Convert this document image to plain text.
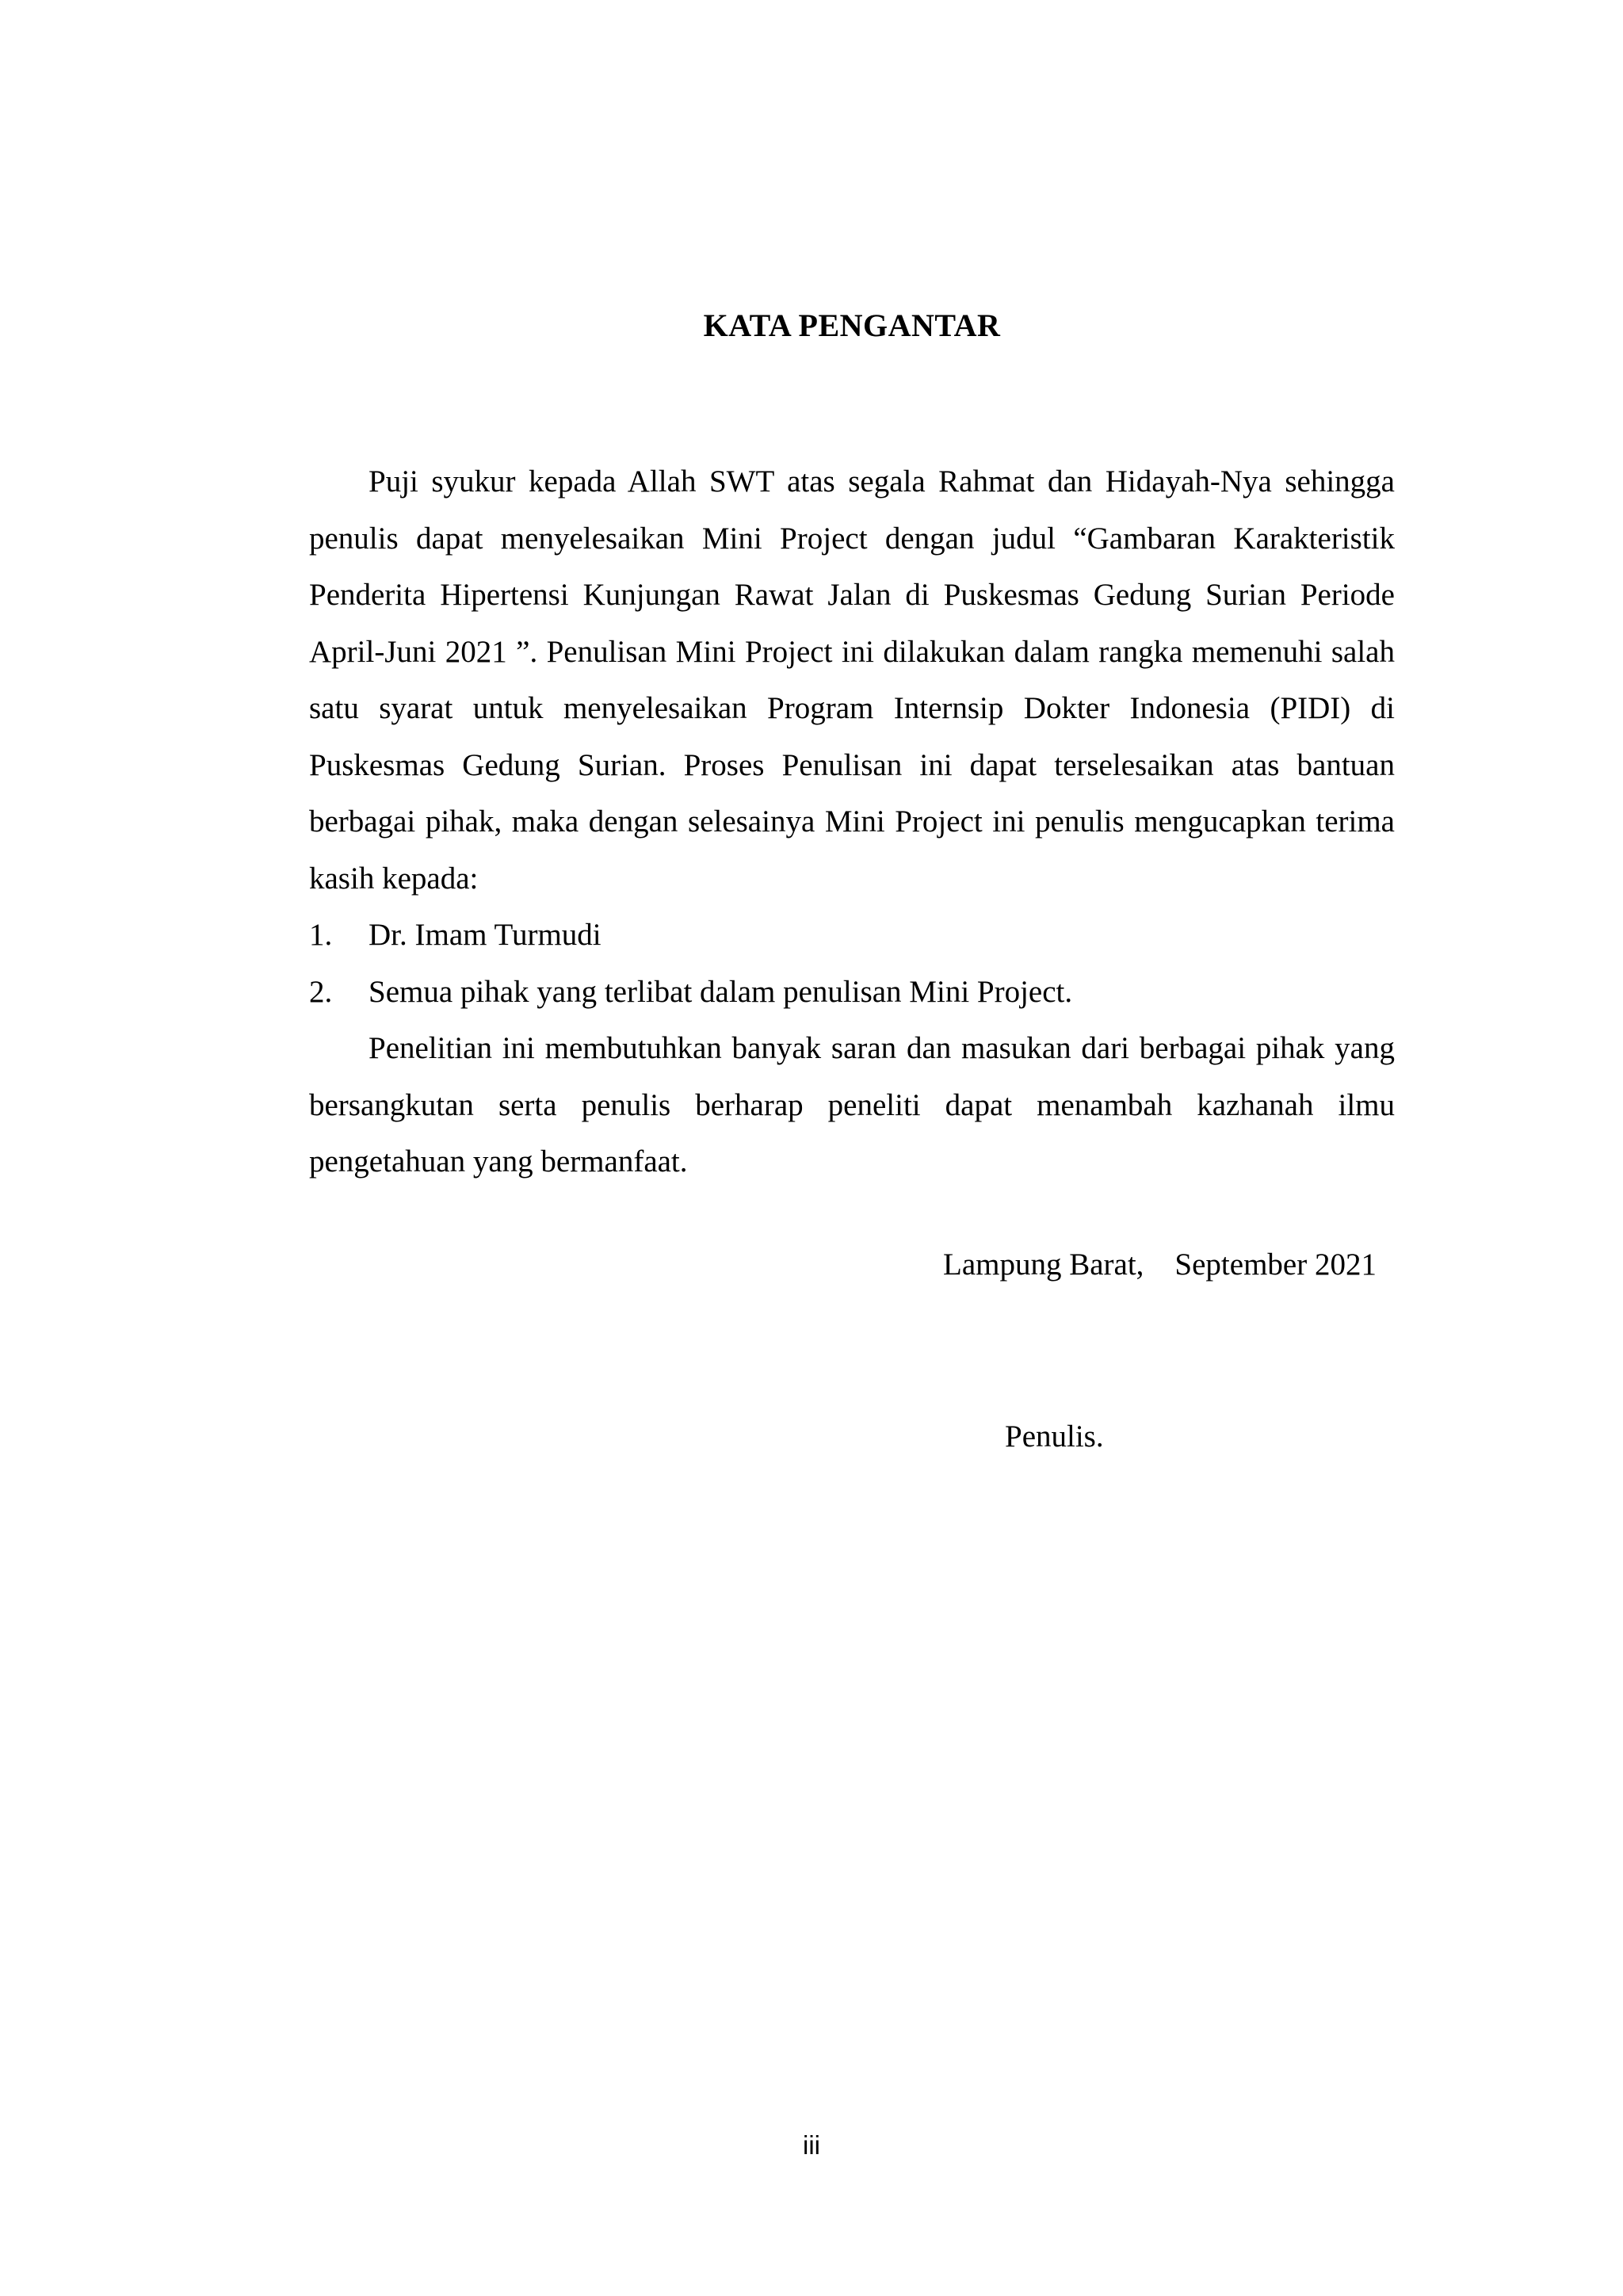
KATA PENGANTAR

Puji syukur kepada Allah SWT atas segala Rahmat dan Hidayah-Nya sehingga penulis dapat menyelesaikan Mini Project dengan judul “Gambaran Karakteristik Penderita Hipertensi Kunjungan Rawat Jalan di Puskesmas Gedung Surian Periode April-Juni 2021 ”. Penulisan Mini Project ini dilakukan dalam rangka memenuhi salah satu syarat untuk menyelesaikan Program Internsip Dokter Indonesia (PIDI) di Puskesmas Gedung Surian. Proses Penulisan ini dapat terselesaikan atas bantuan berbagai pihak, maka dengan selesainya Mini Project ini penulis mengucapkan terima kasih kepada:

1.	Dr. Imam Turmudi
2.	Semua pihak yang terlibat dalam penulisan Mini Project.

Penelitian ini membutuhkan banyak saran dan masukan dari berbagai pihak yang bersangkutan serta penulis berharap peneliti dapat menambah kazhanah ilmu pengetahuan yang bermanfaat.

Lampung Barat,    September 2021
Penulis.
iii
